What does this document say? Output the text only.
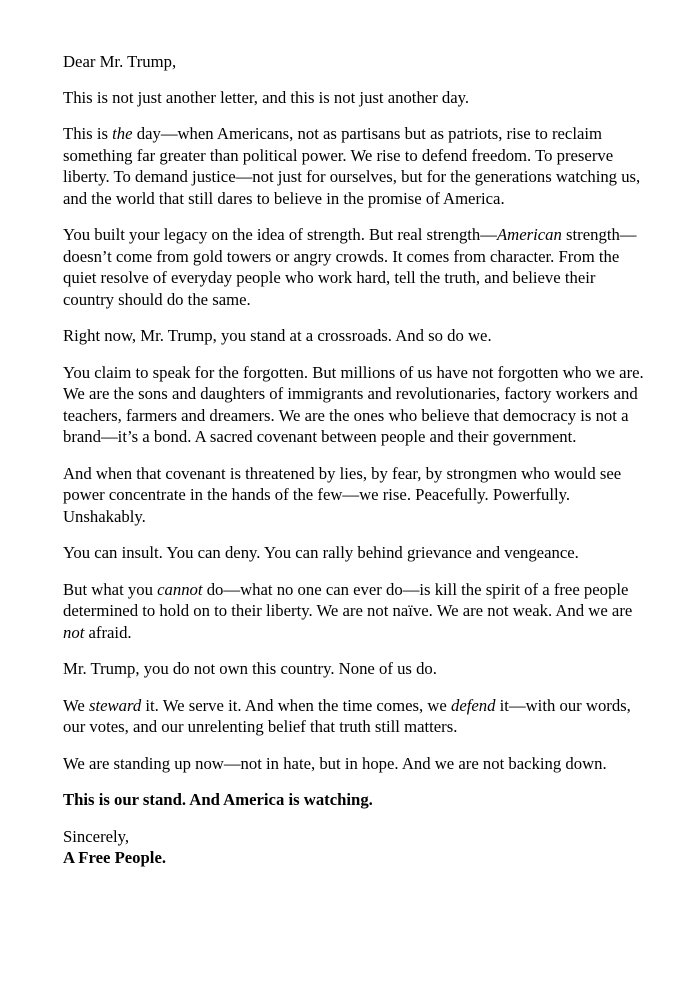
Dear Mr. Trump,

This is not just another letter, and this is not just another day.

This is the day—when Americans, not as partisans but as patriots, rise to reclaim something far greater than political power. We rise to defend freedom. To preserve liberty. To demand justice—not just for ourselves, but for the generations watching us, and the world that still dares to believe in the promise of America.

You built your legacy on the idea of strength. But real strength—American strength—doesn’t come from gold towers or angry crowds. It comes from character. From the quiet resolve of everyday people who work hard, tell the truth, and believe their country should do the same.

Right now, Mr. Trump, you stand at a crossroads. And so do we.

You claim to speak for the forgotten. But millions of us have not forgotten who we are. We are the sons and daughters of immigrants and revolutionaries, factory workers and teachers, farmers and dreamers. We are the ones who believe that democracy is not a brand—it’s a bond. A sacred covenant between people and their government.

And when that covenant is threatened by lies, by fear, by strongmen who would see power concentrate in the hands of the few—we rise. Peacefully. Powerfully. Unshakably.

You can insult. You can deny. You can rally behind grievance and vengeance.

But what you cannot do—what no one can ever do—is kill the spirit of a free people determined to hold on to their liberty. We are not naïve. We are not weak. And we are not afraid.

Mr. Trump, you do not own this country. None of us do.

We steward it. We serve it. And when the time comes, we defend it—with our words, our votes, and our unrelenting belief that truth still matters.

We are standing up now—not in hate, but in hope. And we are not backing down.

This is our stand. And America is watching.

Sincerely,

A Free People.
